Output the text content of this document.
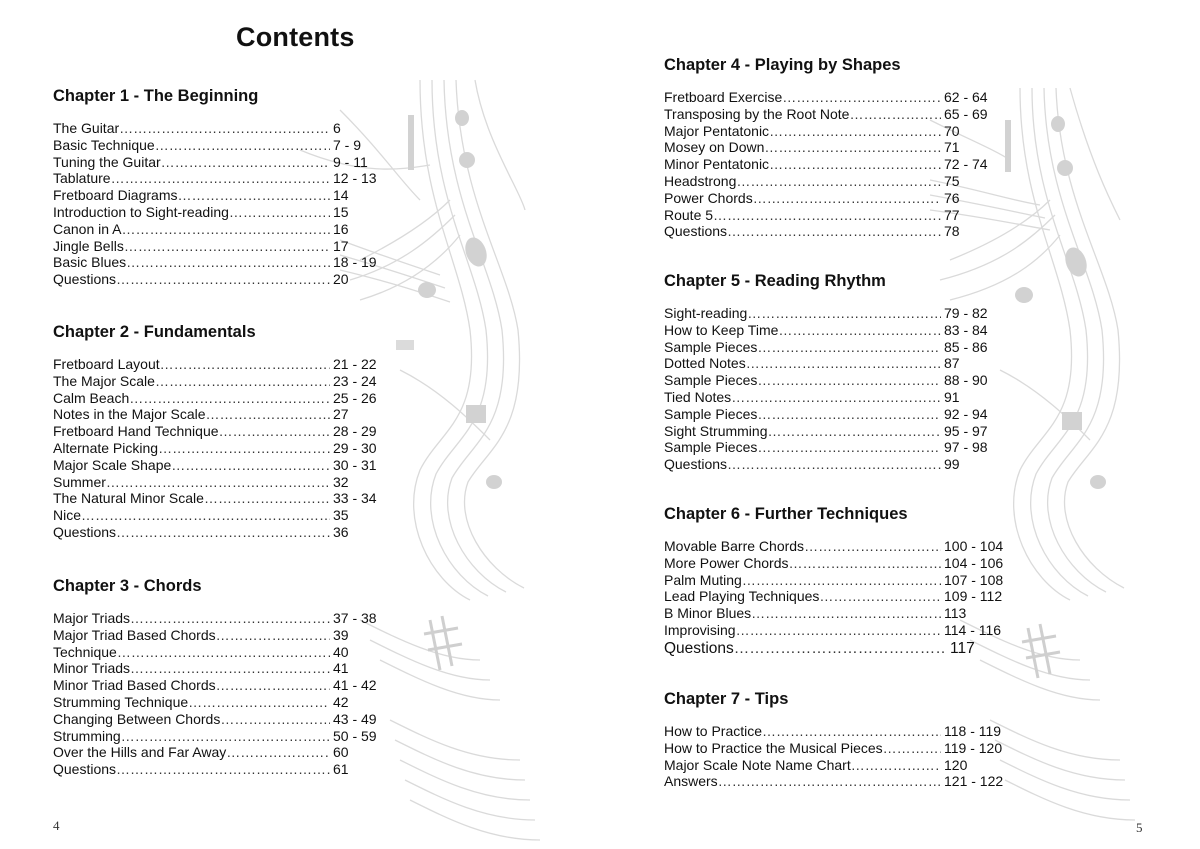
Contents
Chapter 1 - The Beginning
The Guitar ………………………………………………………………………………………	6
Basic Technique ………………………………………………………………………………………	7 - 9
Tuning the Guitar ………………………………………………………………………………………	9 - 11
Tablature ………………………………………………………………………………………	12 - 13
Fretboard Diagrams ………………………………………………………………………………………	14
Introduction to Sight-reading ………………………………………………………………………………………	15
Canon in A ………………………………………………………………………………………	16
Jingle Bells ………………………………………………………………………………………	17
Basic Blues ………………………………………………………………………………………	18 - 19
Questions ………………………………………………………………………………………	20
Chapter 2 - Fundamentals
Fretboard Layout ………………………………………………………………………………………	21 - 22
The Major Scale ………………………………………………………………………………………	23 - 24
Calm Beach ………………………………………………………………………………………	25 - 26
Notes in the Major Scale ………………………………………………………………………………………	27
Fretboard Hand Technique ………………………………………………………………………………………	28 - 29
Alternate Picking ………………………………………………………………………………………	29 - 30
Major Scale Shape ………………………………………………………………………………………	30 - 31
Summer ………………………………………………………………………………………	32
The Natural Minor Scale ………………………………………………………………………………………	33 - 34
Nice ………………………………………………………………………………………	35
Questions ………………………………………………………………………………………	36
Chapter 3 - Chords
Major Triads ………………………………………………………………………………………	37 - 38
Major Triad Based Chords ………………………………………………………………………………………	39
Technique ………………………………………………………………………………………	40
Minor Triads ………………………………………………………………………………………	41
Minor Triad Based Chords ………………………………………………………………………………………	41 - 42
Strumming Technique ………………………………………………………………………………………	42
Changing Between Chords ………………………………………………………………………………………	43 - 49
Strumming ………………………………………………………………………………………	50 - 59
Over the Hills and Far Away ………………………………………………………………………………………	60
Questions ………………………………………………………………………………………	61
4
Chapter 4 - Playing by Shapes
Fretboard Exercise ………………………………………………………………………………………	62 - 64
Transposing by the Root Note ………………………………………………………………………………………	65 - 69
Major Pentatonic ………………………………………………………………………………………	70
Mosey on Down ………………………………………………………………………………………	71
Minor Pentatonic ………………………………………………………………………………………	72 - 74
Headstrong ………………………………………………………………………………………	75
Power Chords ………………………………………………………………………………………	76
Route 5 ………………………………………………………………………………………	77
Questions ………………………………………………………………………………………	78
Chapter 5 - Reading Rhythm
Sight-reading ………………………………………………………………………………………	79 - 82
How to Keep Time ………………………………………………………………………………………	83 - 84
Sample Pieces ………………………………………………………………………………………	85 - 86
Dotted Notes ………………………………………………………………………………………	87
Sample Pieces ………………………………………………………………………………………	88 - 90
Tied Notes ………………………………………………………………………………………	91
Sample Pieces ………………………………………………………………………………………	92 - 94
Sight Strumming ………………………………………………………………………………………	95 - 97
Sample Pieces ………………………………………………………………………………………	97 - 98
Questions ………………………………………………………………………………………	99
Chapter 6 - Further Techniques
Movable Barre Chords ………………………………………………………………………………………	100 - 104
More Power Chords ………………………………………………………………………………………	104 - 106
Palm Muting ………………………………………………………………………………………	107 - 108
Lead Playing Techniques ………………………………………………………………………………………	109 - 112
B Minor Blues ………………………………………………………………………………………	113
Improvising ………………………………………………………………………………………	114 - 116
Questions ………………………………………………………………………………………	117
Chapter 7 - Tips
How to Practice ………………………………………………………………………………………	118 - 119
How to Practice the Musical Pieces ………………………………………………………………………………………	119 - 120
Major Scale Note Name Chart ………………………………………………………………………………………	120
Answers ………………………………………………………………………………………	121 - 122
5
